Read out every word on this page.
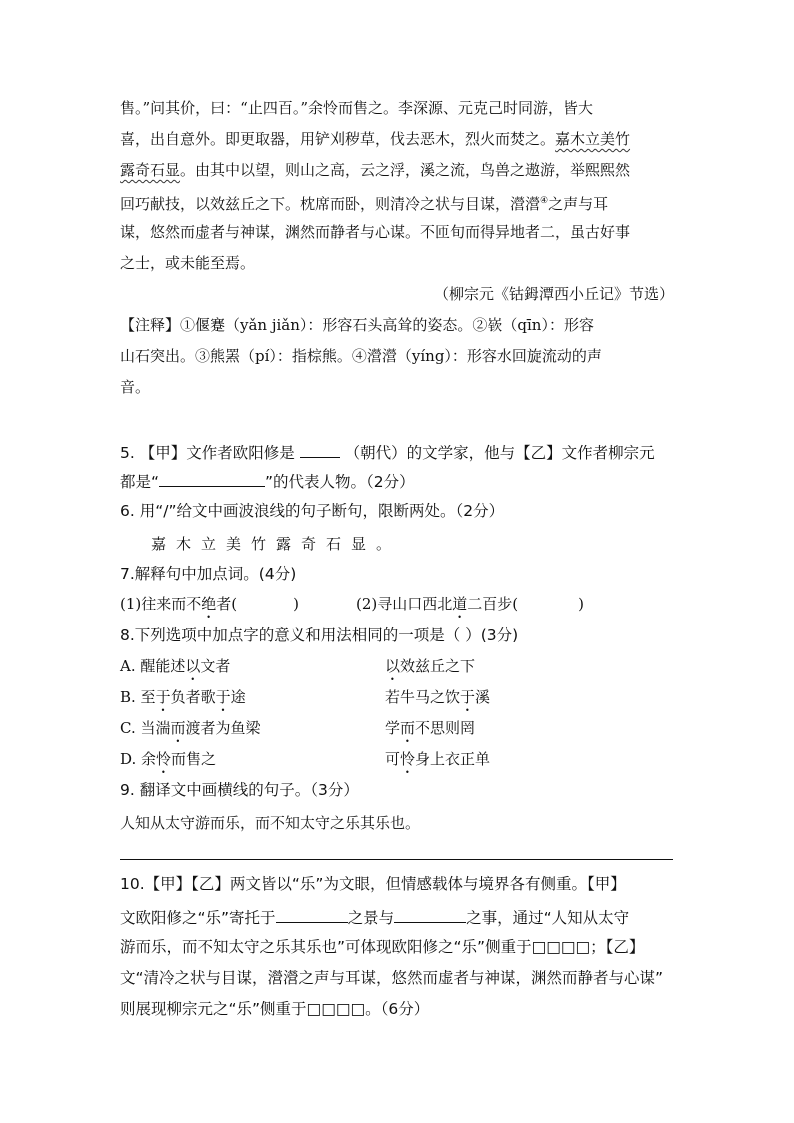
售。”问其价，曰：“止四百。”余怜而售之。李深源、元克己时同游，皆大
喜，出自意外。即更取器，用铲刈秽草，伐去恶木，烈火而焚之。嘉木立美竹
露奇石显。由其中以望，则山之高，云之浮，溪之流，鸟兽之遨游，举熙熙然
回巧献技，以效兹丘之下。枕席而卧，则清冷之状与目谋，瀯瀯④之声与耳
谋，悠然而虚者与神谋，渊然而静者与心谋。不匝旬而得异地者二，虽古好事
之士，或未能至焉。
（柳宗元《钴鉧潭西小丘记》节选）
【注释】①偃蹇（yǎn jiǎn）：形容石头高耸的姿态。②嵚（qīn）：形容
山石突出。③熊罴（pí）：指棕熊。④瀯瀯（yíng）：形容水回旋流动的声
音。
5. 【甲】文作者欧阳修是	（朝代）的文学家，他与【乙】文作者柳宗元
都是“	”的代表人物。（2分）
6. 用“/”给文中画波浪线的句子断句，限断两处。（2分）
嘉木立美竹露奇石显。
7.解释句中加点词。(4分)
(1)往来而不绝者(	)	(2)寻山口西北道二百步(	)
8.下列选项中加点字的意义和用法相同的一项是（ ）(3分)
A. 醒能述以文者	以效兹丘之下
B. 至于负者歌于途	若牛马之饮于溪
C. 当湍而渡者为鱼梁	学而不思则罔
D. 余怜而售之	可怜身上衣正单
9. 翻译文中画横线的句子。（3分）
人知从太守游而乐，而不知太守之乐其乐也。
10.【甲】【乙】两文皆以“乐”为文眼，但情感载体与境界各有侧重。【甲】
文欧阳修之“乐”寄托于	之景与	之事，通过“人知从太守
游而乐，而不知太守之乐其乐也”可体现欧阳修之“乐”侧重于□□□□；【乙】
文“清冷之状与目谋，瀯瀯之声与耳谋，悠然而虚者与神谋，渊然而静者与心谋”
则展现柳宗元之“乐”侧重于□□□□。（6分）
